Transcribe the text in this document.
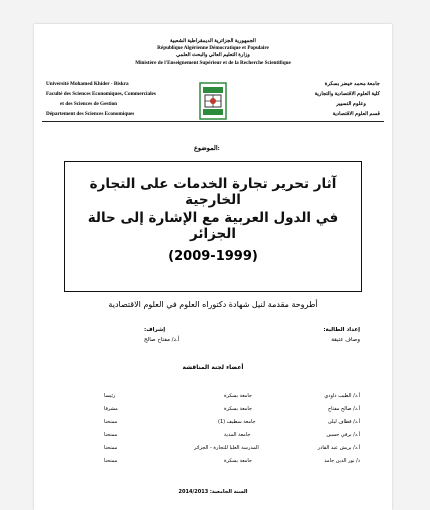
الجمهورية الجزائرية الديمقراطية الشعبية
République Algérienne Démocratique et Populaire
وزارة التعليم العالي والبحث العلمي
Ministère de l'Enseignement Supérieur et de la Recherche Scientifique
Université Mohamed Khider - Biskra
Faculté des Sciences Economiques, Commerciales
et des Sciences de Gestion
Département des Sciences Economiques
جامعة محمد خيضر بسكرة
كلية العلوم الاقتصادية والتجارية
وعلوم التسيير
قسم العلوم الاقتصادية
الموضوع:
آثار تحرير تجارة الخدمات على التجارة الخارجية
في الدول العربية مع الإشارة إلى حالة الجزائر
(2009-1999)
أطروحة مقدمة لنيل شهادة دكتوراه العلوم في العلوم الاقتصادية
إعداد الطالبة:
وصاف عتيقة
إشراف:
أ.د/ مفتاح صالح
أعضاء لجنة المناقشة
أ.د/ الطيب داودي
جامعة بسكرة
رئيسا
أ.د/ صالح مفتاح
جامعة بسكرة
مشرفا
أ.د/ قطاف ليلى
جامعة سطيف (1)
ممتحنا
أ.د/ برقي حسين
جامعة المدية
ممتحنا
أ.د/ بريش عبد القادر
المدرسة العليا للتجارة - الجزائر
ممتحنا
د/ نور الدين جامد
جامعة بسكرة
ممتحنا
السنة الجامعية: 2014/2013
